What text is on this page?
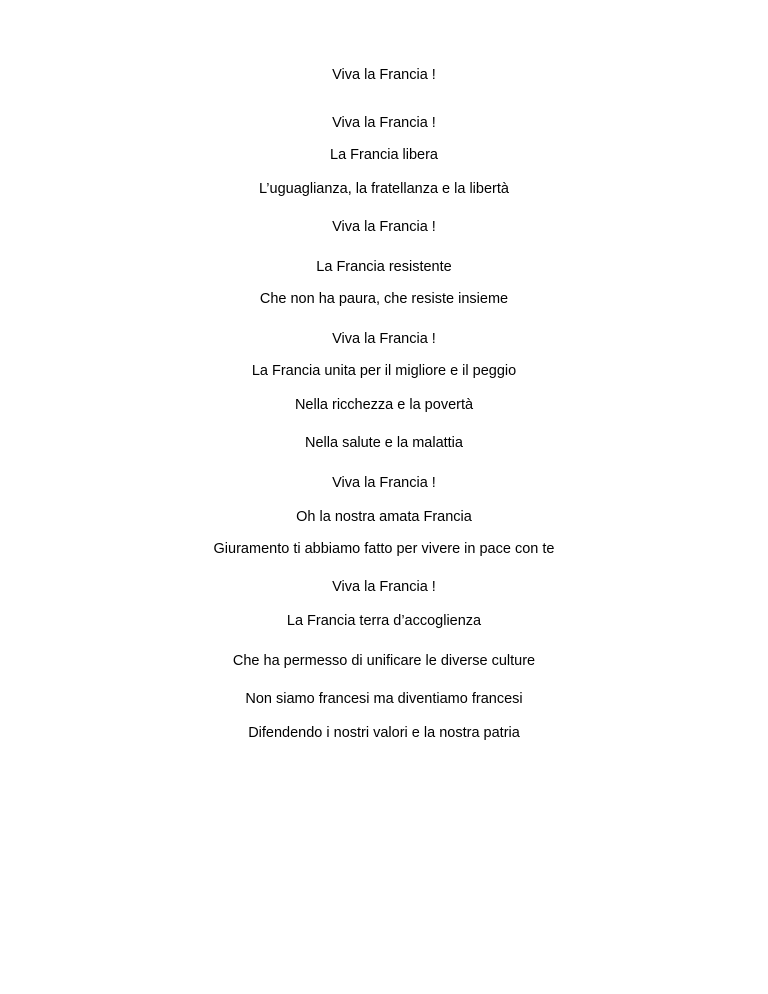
Viva la Francia !

Viva la Francia !

La Francia libera

L’uguaglianza, la fratellanza e la libertà

Viva la Francia !

La Francia resistente

Che non ha paura, che resiste insieme

Viva la Francia !

La Francia unita per il migliore e il peggio

Nella ricchezza e la povertà

Nella salute e la malattia

Viva la Francia !

Oh la nostra amata Francia

Giuramento ti abbiamo fatto per vivere in pace con te

Viva la Francia !

La Francia terra d’accoglienza

Che ha permesso di unificare le diverse culture

Non siamo francesi ma diventiamo francesi

Difendendo i nostri valori e la nostra patria
